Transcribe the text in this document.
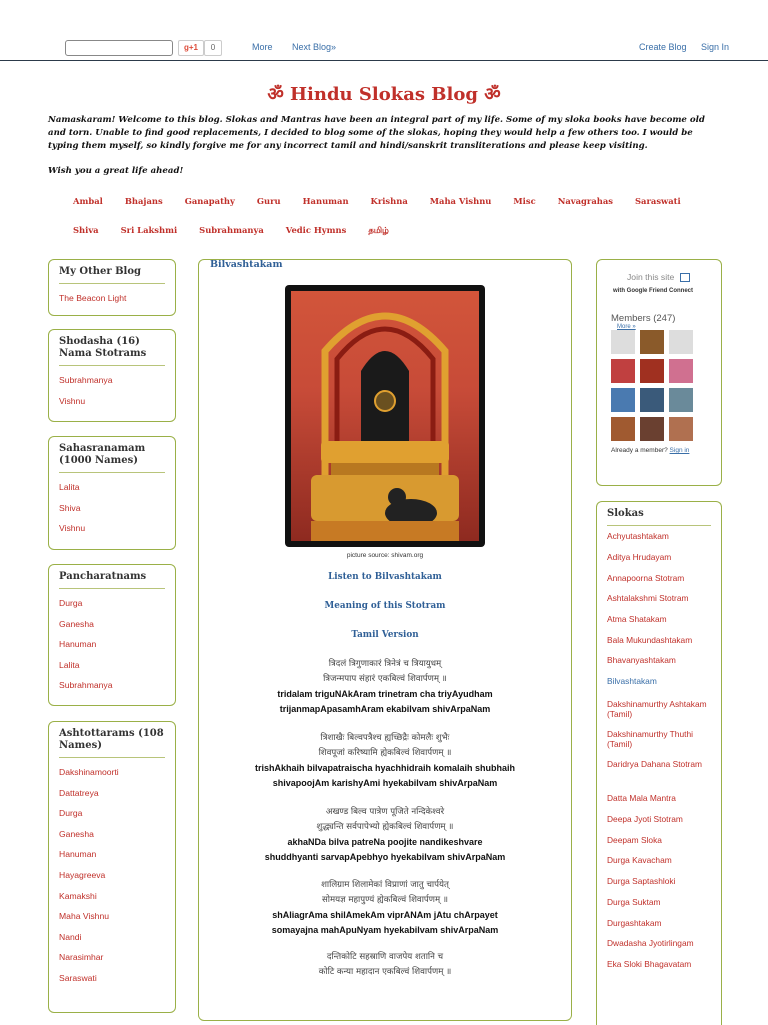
g+1	0	More Next Blog»	Create Blog Sign In
ॐ Hindu Slokas Blog ॐ
Namaskaram! Welcome to this blog. Slokas and Mantras have been an integral part of my life. Some of my sloka books have become old and torn. Unable to find good replacements, I decided to blog some of the slokas, hoping they would help a few others too. I would be typing them myself, so kindly forgive me for any incorrect tamil and hindi/sanskrit transliterations and please keep visiting.
Wish you a great life ahead!
Ambal	Bhajans	Ganapathy	Guru	Hanuman	Krishna	Maha Vishnu	Misc	Navagrahas	SaraswatiShiva	Sri Lakshmi	Subrahmanya	Vedic Hymns	தமிழ்
My Other Blog
The Beacon Light
Shodasha (16) Nama Stotrams
Subrahmanya
Vishnu
Sahasranamam (1000 Names)
Lalita
Shiva
Vishnu
Pancharatnams
Durga
Ganesha
Hanuman
Lalita
Subrahmanya
Ashtottarams (108 Names)
Dakshinamoorti
Dattatreya
Durga
Ganesha
Hanuman
Hayagreeva
Kamakshi
Maha Vishnu
Nandi
Narasimhar
Saraswati
Bilvashtakam
picture source: shivam.org
Listen to Bilvashtakam
Meaning of this Stotram
Tamil Version
त्रिदलं त्रिगुणाकारं त्रिनेत्रं च त्रियायुधम्
त्रिजन्मपाप संहारं एकबिल्वं शिवार्पणम् ॥
tridalam triguNAkAram trinetram cha triyAyudham
trijanmapApasamhAram ekabilvam shivArpaNam
त्रिशाखैः बिल्वपत्रैश्च ह्यच्छिद्रैः कोमलैः शुभैः
शिवपूजां करिष्यामि ह्येकबिल्वं शिवार्पणम् ॥
trishAkhaih bilvapatraischa hyachhidraih komalaih shubhaih
shivapoojAm karishyAmi hyekabilvam shivArpaNam
अखण्ड बिल्व पात्रेण पूजिते नन्दिकेश्वरे
शुद्ध्यन्ति सर्वपापेभ्यो ह्येकबिल्वं शिवार्पणम् ॥
akhaNDa bilva patreNa poojite nandikeshvare
shuddhyanti sarvapApebhyo hyekabilvam shivArpaNam
शालिग्राम शिलामेकां विप्राणां जातु चार्पयेत्
सोमयज्ञ महापुण्यं ह्येकबिल्वं शिवार्पणम् ॥
shAliagrAma shilAmekAm viprANAm jAtu chArpayet
somayajna mahApuNyam hyekabilvam shivArpaNam
दन्तिकोटि सहस्राणि वाजपेय शतानि च
कोटि कन्या महादान एकबिल्वं शिवार्पणम् ॥
Join this site
with Google Friend Connect
Members (247)
More »
Already a member? Sign in
Slokas
Achyutashtakam
Aditya Hrudayam
Annapoorna Stotram
Ashtalakshmi Stotram
Atma Shatakam
Bala Mukundashtakam
Bhavanyashtakam
Bilvashtakam
Dakshinamurthy Ashtakam (Tamil)
Dakshinamurthy Thuthi (Tamil)
Daridrya Dahana Stotram
Datta Mala Mantra
Deepa Jyoti Stotram
Deepam Sloka
Durga Kavacham
Durga Saptashloki
Durga Suktam
Durgashtakam
Dwadasha Jyotirlingam
Eka Sloki Bhagavatam
